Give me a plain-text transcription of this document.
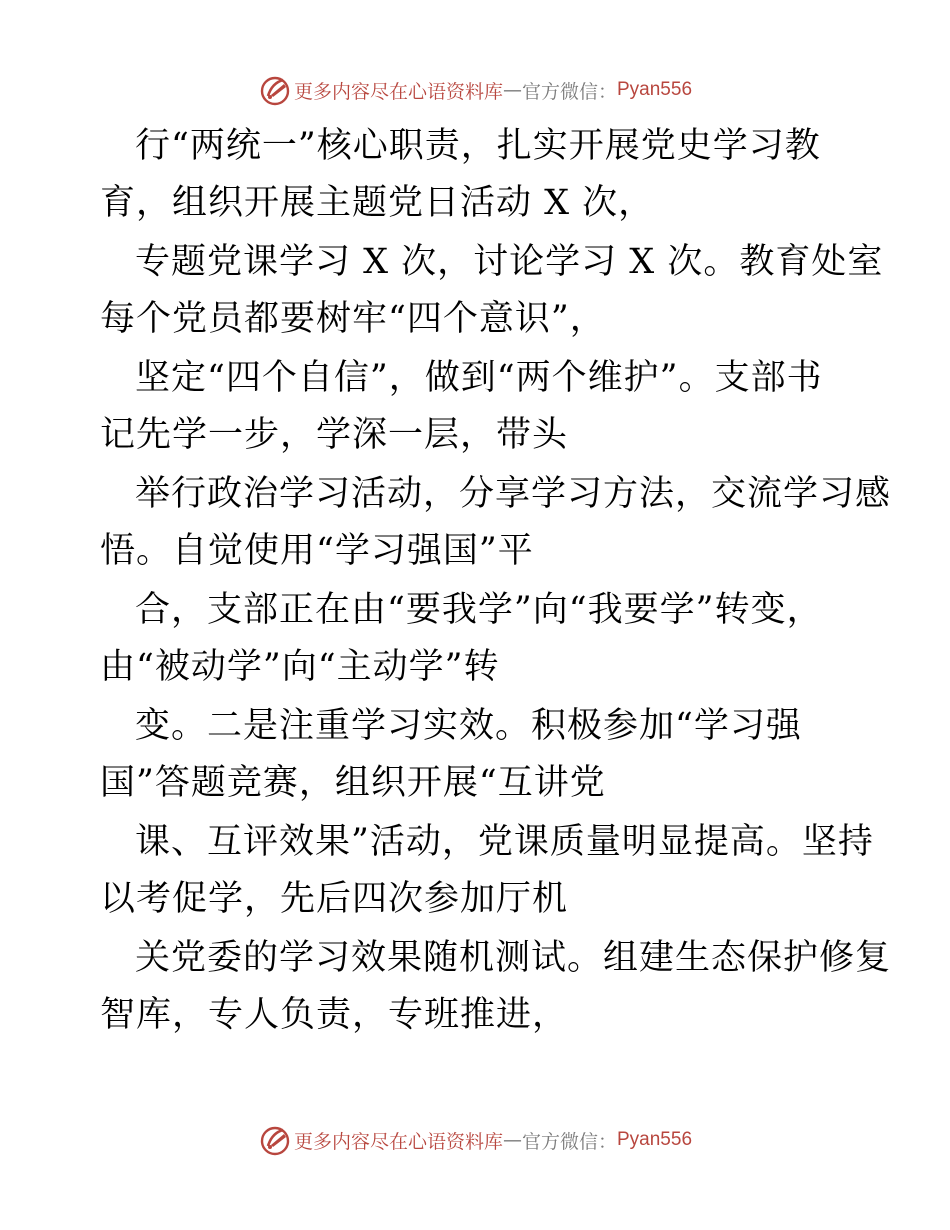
更多内容尽在心语资料库 — 官方微信： Pyan556
行“两统一”核心职责，扎实开展党史学习教
育，组织开展主题党日活动 X 次，
专题党课学习 X 次，讨论学习 X 次。教育处室
每个党员都要树牢“四个意识”，
坚定“四个自信”，做到“两个维护”。支部书
记先学一步，学深一层，带头
举行政治学习活动，分享学习方法，交流学习感
悟。自觉使用“学习强国”平
合，支部正在由“要我学”向“我要学”转变，
由“被动学”向“主动学”转
变。二是注重学习实效。积极参加“学习强
国”答题竞赛，组织开展“互讲党
课、互评效果”活动，党课质量明显提高。坚持
以考促学，先后四次参加厅机
关党委的学习效果随机测试。组建生态保护修复
智库，专人负责，专班推进，
更多内容尽在心语资料库 — 官方微信： Pyan556
